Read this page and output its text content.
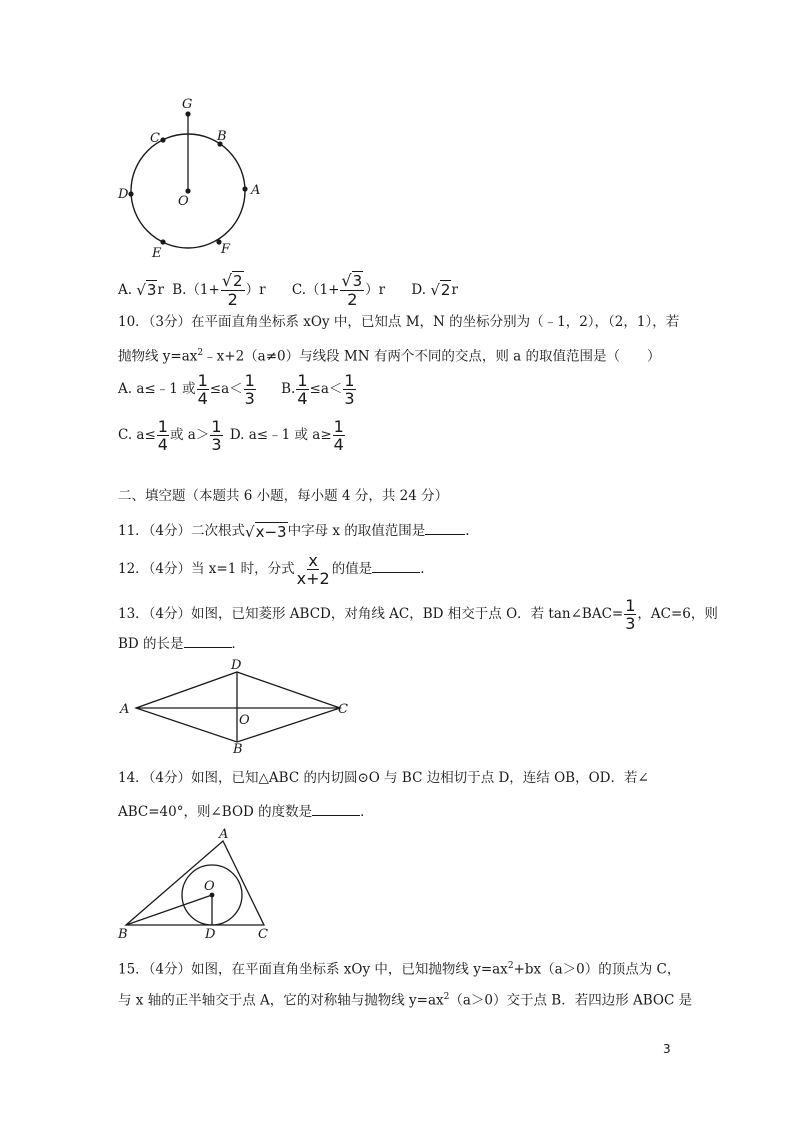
G
C	B
D	O
A
E	F
A. √3r $B.(1+ \frac{√2}{2} )r$ $C.(1+ \frac{√3}{2} )r$ D. √2r
10．（3分）在平面直角坐标系 xOy 中，已知点 M，N 的坐标分别为（﹣1，2），（2，1），若
抛物线 $y=ax^2﹣x+2(a\ne 0)$与线段 MN 有两个不同的交点，则 a 的取值范围是（　　）
A. a≤﹣1 或 $\frac{1}{4} \le a< \frac{1}{3} B$. $\frac{1}{4} \le a< \frac{1}{3}$
C. $a\le \frac{1}{4}$ 或 $a> \frac{1}{3} D$. a≤﹣1 或 $a\ge \frac{1}{4}$
二、填空题（本题共 6 小题，每小题 4 分，共 24 分）
11．（4分）二次根式√x−3中字母 x 的取值范围是	.
12．（4分）当 x=1 时，分式 $\frac{x}{x+2}$ 的值是	.
13．（4分）如图，已知菱形 ABCD，对角线 AC，BD 相交于点 O．若 tan∠BAC= $\frac{1}{3}$ ，AC=6，则
BD 的长是	．
A
D
C
O
B
14．（4分）如图，已知△ABC 的内切圆⊙O 与 BC 边相切于点 D，连结 OB，OD．若∠
ABC=40°，则∠BOD 的度数是	．
A
O
B	D	C
15．（4分）如图，在平面直角坐标系 xOy 中，已知抛物线 $y=ax^2+bx(a>0)$的顶点为 C，
与 x 轴的正半轴交于点 A，它的对称轴与抛物线 $y=ax^2(a>0)$交于点 B．若四边形 ABOC 是
3
